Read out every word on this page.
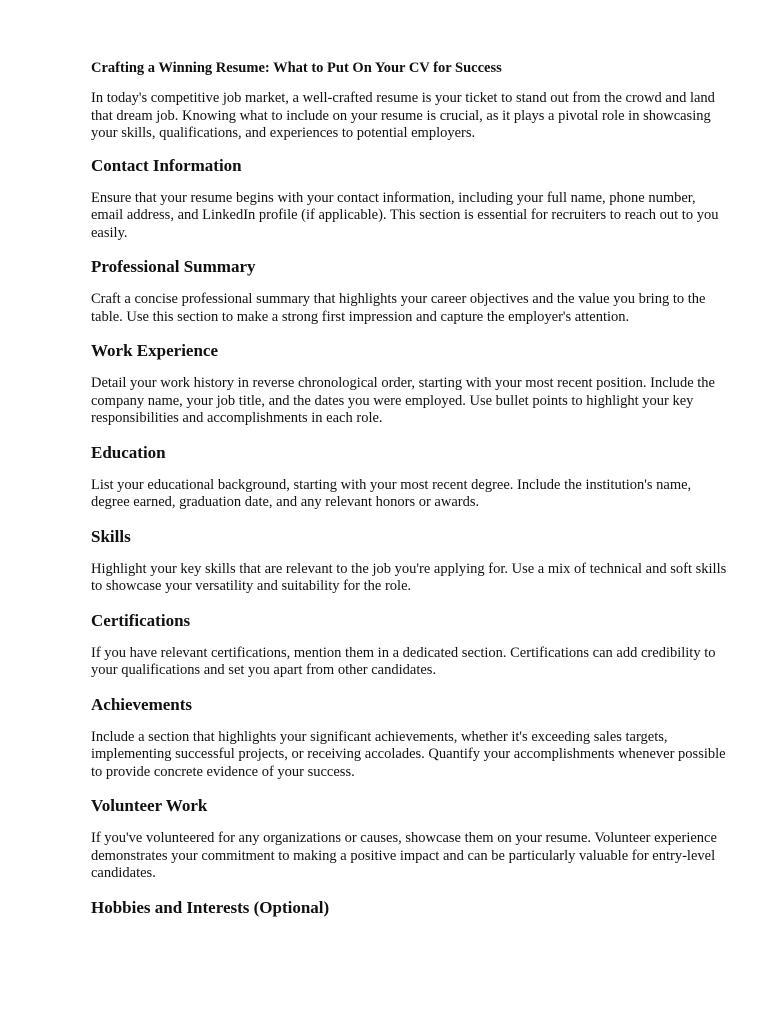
Crafting a Winning Resume: What to Put On Your CV for Success

In today's competitive job market, a well-crafted resume is your ticket to stand out from the crowd and land that dream job. Knowing what to include on your resume is crucial, as it plays a pivotal role in showcasing your skills, qualifications, and experiences to potential employers.

Contact Information

Ensure that your resume begins with your contact information, including your full name, phone number, email address, and LinkedIn profile (if applicable). This section is essential for recruiters to reach out to you easily.

Professional Summary

Craft a concise professional summary that highlights your career objectives and the value you bring to the table. Use this section to make a strong first impression and capture the employer's attention.

Work Experience

Detail your work history in reverse chronological order, starting with your most recent position. Include the company name, your job title, and the dates you were employed. Use bullet points to highlight your key responsibilities and accomplishments in each role.

Education

List your educational background, starting with your most recent degree. Include the institution's name, degree earned, graduation date, and any relevant honors or awards.

Skills

Highlight your key skills that are relevant to the job you're applying for. Use a mix of technical and soft skills to showcase your versatility and suitability for the role.

Certifications

If you have relevant certifications, mention them in a dedicated section. Certifications can add credibility to your qualifications and set you apart from other candidates.

Achievements

Include a section that highlights your significant achievements, whether it's exceeding sales targets, implementing successful projects, or receiving accolades. Quantify your accomplishments whenever possible to provide concrete evidence of your success.

Volunteer Work

If you've volunteered for any organizations or causes, showcase them on your resume. Volunteer experience demonstrates your commitment to making a positive impact and can be particularly valuable for entry-level candidates.

Hobbies and Interests (Optional)
